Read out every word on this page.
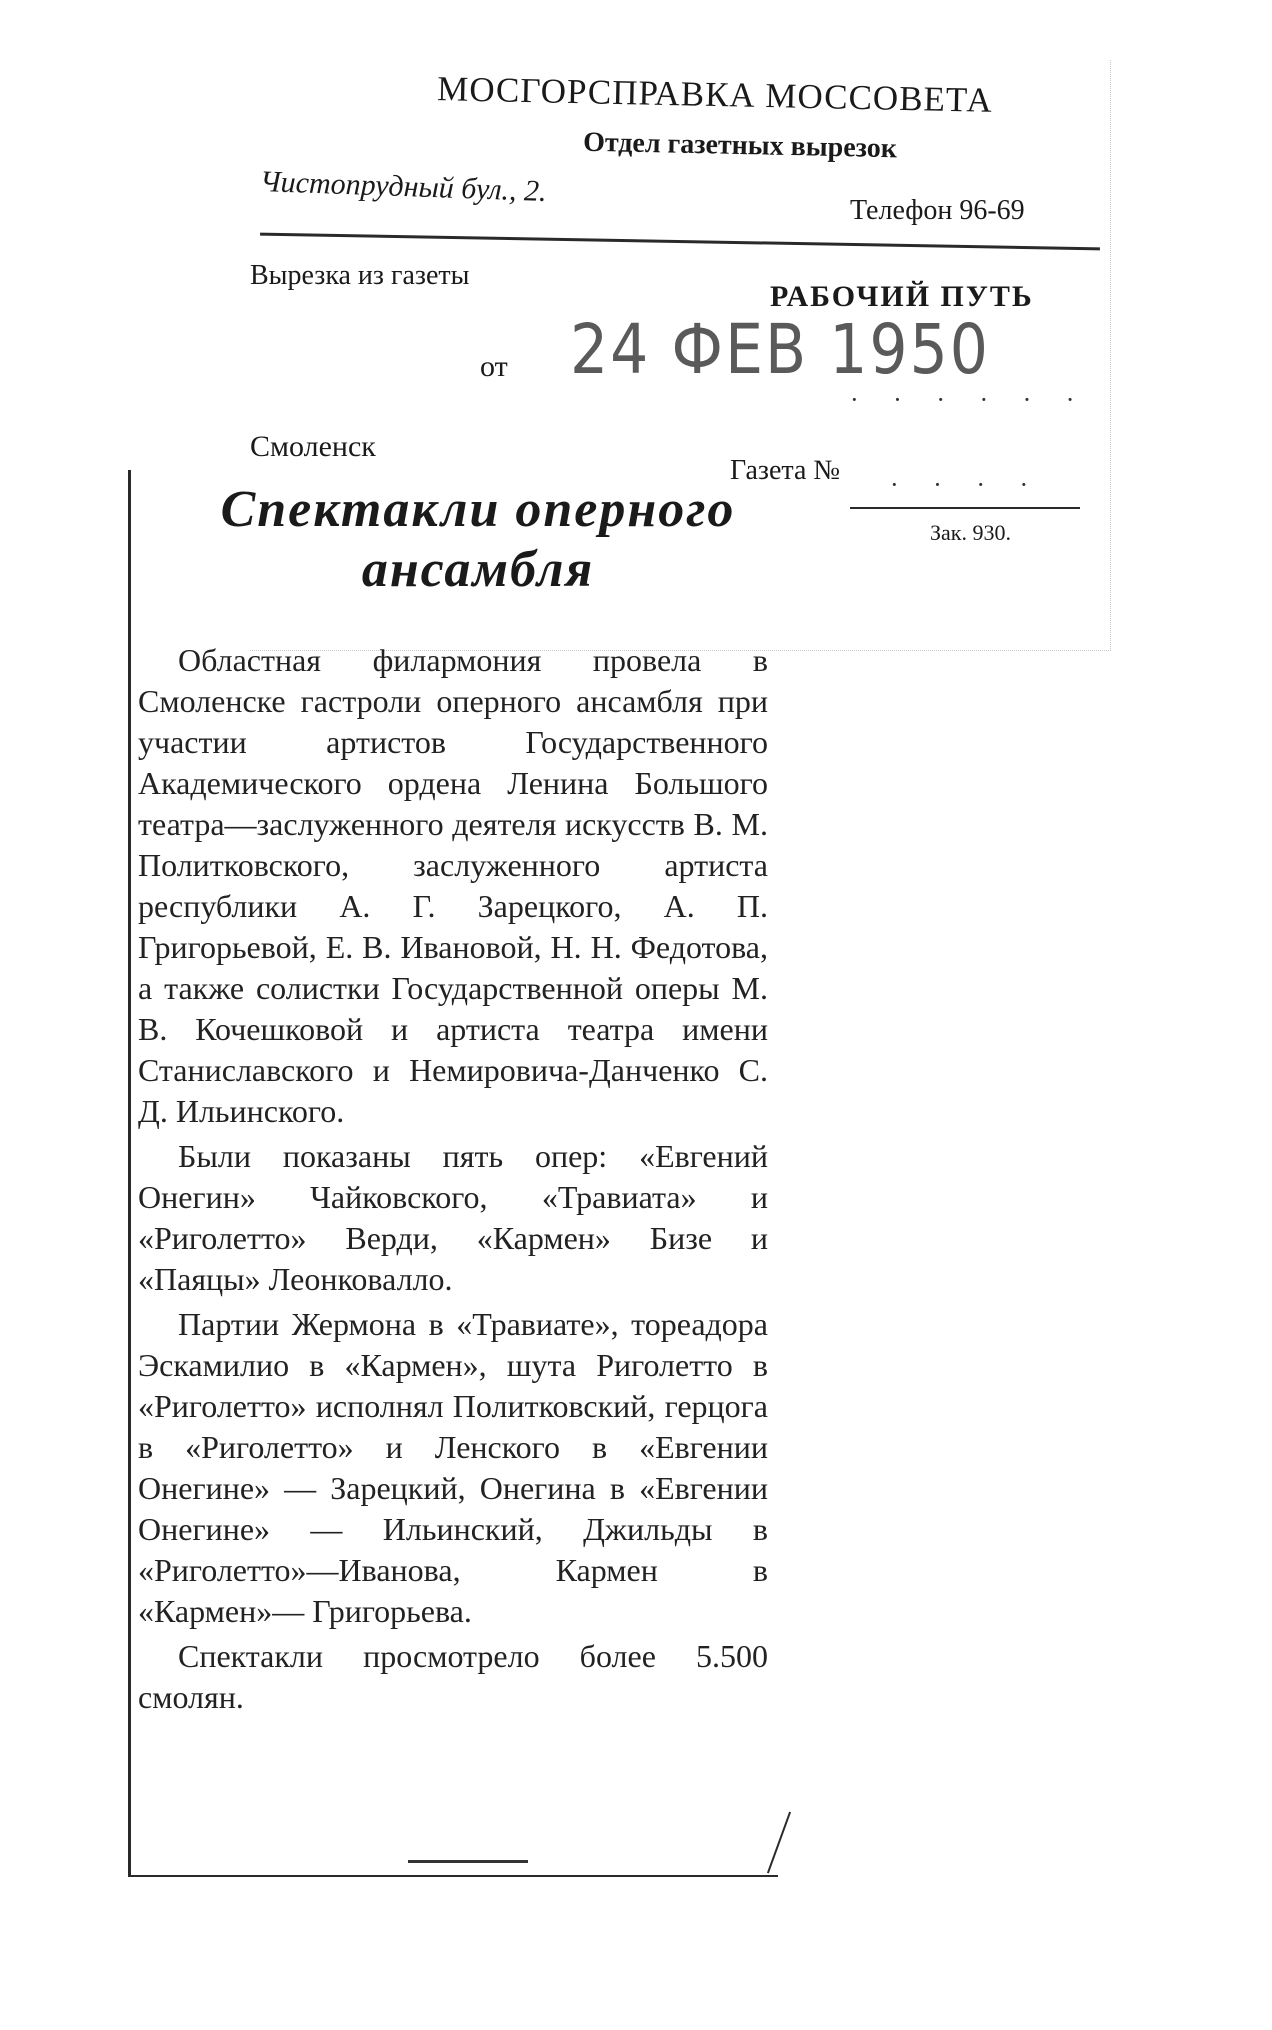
МОСГОРСПРАВКА МОССОВЕТА
Отдел газетных вырезок
Чистопрудный бул., 2.
Телефон 96-69
Вырезка из газеты
РАБОЧИЙ ПУТЬ
от 24 ФЕВ 1950
· · · · · ·
Смоленск
Газета № · · · ·
Зак. 930.
Спектакли оперного
ансамбля

Областная филармония провела в Смоленске гастроли оперного ансамбля при участии артистов Государственного Академического ордена Ленина Большого театра—заслуженного деятеля искусств В. М. Политковского, заслуженного артиста республики А. Г. Зарецкого, А. П. Григорьевой, Е. В. Ивановой, Н. Н. Федотова, а также солистки Государственной оперы М. В. Кочешковой и артиста театра имени Станиславского и Немировича-Данченко С. Д. Ильинского.

Были показаны пять опер: «Евгений Онегин» Чайковского, «Травиата» и «Риголетто» Верди, «Кармен» Бизе и «Паяцы» Леонковалло.

Партии Жермона в «Травиате», тореадора Эскамилио в «Кармен», шута Риголетто в «Риголетто» исполнял Политковский, герцога в «Риголетто» и Ленского в «Евгении Онегине» — Зарецкий, Онегина в «Евгении Онегине» — Ильинский, Джильды в «Риголетто»—Иванова, Кармен в «Кармен»— Григорьева.

Спектакли просмотрело более 5.500 смолян.
